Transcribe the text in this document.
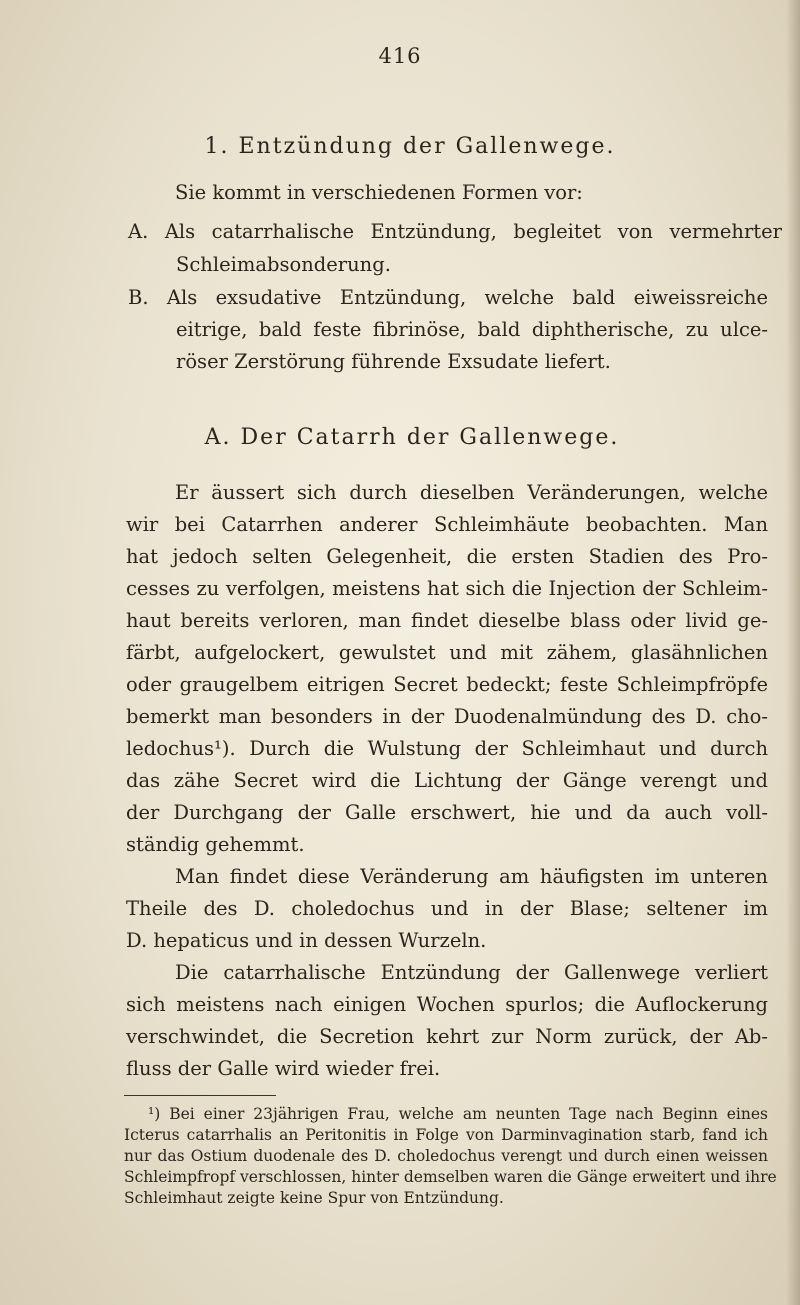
416
1. Entzündung der Gallenwege.
Sie kommt in verschiedenen Formen vor:
A. Als catarrhalische Entzündung, begleitet von vermehrter
Schleimabsonderung.
B. Als exsudative Entzündung, welche bald eiweissreiche
eitrige, bald feste fibrinöse, bald diphtherische, zu ulce-
röser Zerstörung führende Exsudate liefert.
A. Der Catarrh der Gallenwege.
Er äussert sich durch dieselben Veränderungen, welche
wir bei Catarrhen anderer Schleimhäute beobachten. Man
hat jedoch selten Gelegenheit, die ersten Stadien des Pro-
cesses zu verfolgen, meistens hat sich die Injection der Schleim-
haut bereits verloren, man findet dieselbe blass oder livid ge-
färbt, aufgelockert, gewulstet und mit zähem, glasähnlichen
oder graugelbem eitrigen Secret bedeckt; feste Schleimpfröpfe
bemerkt man besonders in der Duodenalmündung des D. cho-
ledochus¹). Durch die Wulstung der Schleimhaut und durch
das zähe Secret wird die Lichtung der Gänge verengt und
der Durchgang der Galle erschwert, hie und da auch voll-
ständig gehemmt.
Man findet diese Veränderung am häufigsten im unteren
Theile des D. choledochus und in der Blase; seltener im
D. hepaticus und in dessen Wurzeln.
Die catarrhalische Entzündung der Gallenwege verliert
sich meistens nach einigen Wochen spurlos; die Auflockerung
verschwindet, die Secretion kehrt zur Norm zurück, der Ab-
fluss der Galle wird wieder frei.
¹) Bei einer 23jährigen Frau, welche am neunten Tage nach Beginn eines
Icterus catarrhalis an Peritonitis in Folge von Darminvagination starb, fand ich
nur das Ostium duodenale des D. choledochus verengt und durch einen weissen
Schleimpfropf verschlossen, hinter demselben waren die Gänge erweitert und ihre
Schleimhaut zeigte keine Spur von Entzündung.
